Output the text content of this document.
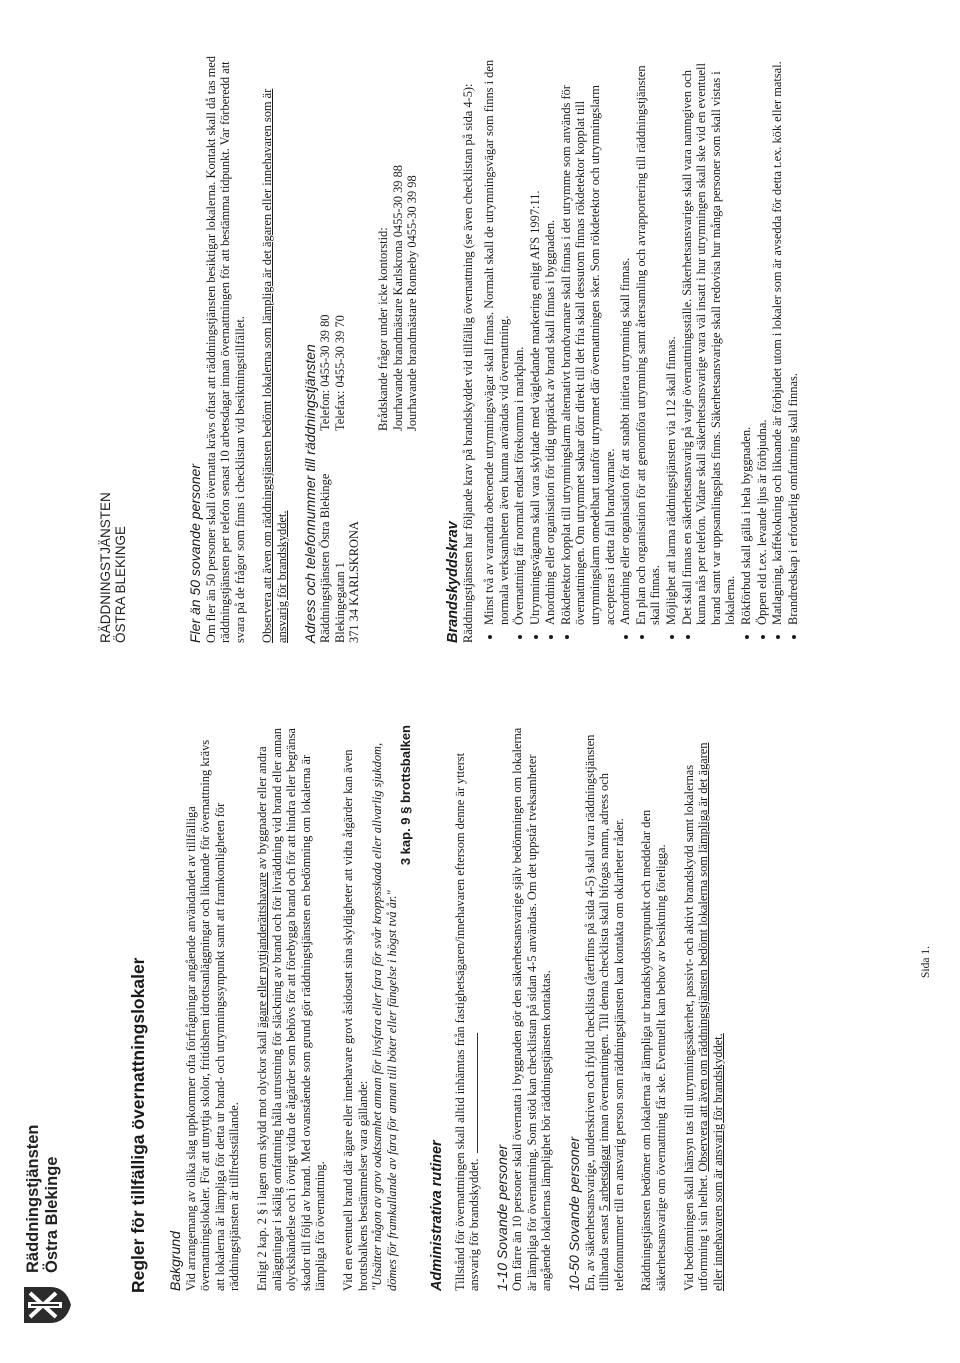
Räddningstjänsten Östra Blekinge
RÄDDNINGSTJÄNSTEN ÖSTRA BLEKINGE
Regler för tillfälliga övernattningslokaler Bakgrund Vid arrangemang av olika slag uppkommer ofta förfrågningar angående användandet av tillfälliga övernattningslokaler. För att utnyttja skolor, fritidshem idrottsanläggningar och liknande för övernattning krävs att lokalerna är lämpliga för detta ur brand- och utrymningssynpunkt samt att framkomligheten för räddningstjänsten är tillfredsställande. Enligt 2 kap. 2 § i lagen om skydd mot olyckor skall ägare eller nyttjanderättshavare av byggnader eller andra anläggningar i skälig omfattning hålla utrustning för släckning av brand och för livräddning vid brand eller annan olyckshändelse och i övrigt vidta de åtgärder som behövs för att förebygga brand och för att hindra eller begränsa skador till följd av brand. Med ovanstående som grund gör räddningstjänsten en bedömning om lokalerna är lämpliga för övernattning. Vid en eventuell brand där ägare eller innehavare grovt åsidosatt sina skyldigheter att vidta åtgärder kan även brottsbalkens bestämmelser vara gällande: "Utsätter någon av grov oaktsamhet annan för livsfara eller fara för svår kroppsskada eller allvarlig sjukdom, dömes för framkallande av fara för annan till böter eller fängelse i högst två år."

3 kap. 9 § brottsbalken
Administrativa rutiner Tillstånd för övernattningen skall alltid inhämtas från fastighetsägaren/innehavaren eftersom denne är ytterst ansvarig för brandskyddet. 1-10 Sovande personer Om färre än 10 personer skall övernatta i byggnaden gör den säkerhetsansvarige själv bedömningen om lokalerna är lämpliga för övernattning. Som stöd kan checklistan på sidan 4-5 användas. Om det uppstår tveksamheter angående lokalernas lämplighet bör räddningstjänsten kontaktas. 10-50 Sovande personer En, av säkerhetsansvarige, underskriven och ifylld checklista (återfinns på sida 4-5) skall vara räddningstjänsten tillhanda senast 5 arbetsdagar innan övernattningen. Till denna checklista skall bifogas namn, adress och telefonnummer till en ansvarig person som räddningstjänsten kan kontakta om oklarheter råder. Räddningstjänsten bedömer om lokalerna är lämpliga ur brandskyddssynpunkt och meddelar den säkerhetsansvarige om övernattning får ske. Eventuellt kan behov av besiktning föreligga. Vid bedömningen skall hänsyn tas till utrymningssäkerhet, passivt- och aktivt brandskydd samt lokalernas utformning i sin helhet. Observera att även om räddningstjänsten bedömt lokalerna som lämpliga är det ägaren eller innehavaren som är ansvarig för brandskyddet.

Sida 1.
Fler än 50 sovande personer Om fler än 50 personer skall övernatta krävs oftast att räddningstjänsten besiktigar lokalerna. Kontakt skall då tas med räddningstjänsten per telefon senast 10 arbetsdagar innan övernattningen för att bestämma tidpunkt. Var förberedd att svara på de frågor som finns i checklistan vid besiktningstillfället. Observera att även om räddningstjänsten bedömt lokalerna som lämpliga är det ägaren eller innehavaren som är ansvarig för brandskyddet. Adress och telefonnummer till räddningstjänsten Räddningstjänsten Östra Blekinge
Telefon: 0455-30 39 80
Blekingegatan 1
Telefax: 0455-30 39 70
371 34 KARLSKRONA
Brådskande frågor under icke kontorstid: Jourhavande brandmästare Karlskrona 0455-30 39 88 Jourhavande brandmästare Ronneby 0455-30 39 98
Brandskyddskrav Räddningstjänsten har följande krav på brandskyddet vid tillfällig övernattning (se även checklistan på sida 4-5): • Minst två av varandra oberoende utrymningsvägar skall finnas. Normalt skall de utrymningsvägar som finns i den normala verksamheten även kunna användas vid övernattning. • Övernattning får normalt endast förekomma i markplan. • Utrymningsvägarna skall vara skyltade med vägledande markering enligt AFS 1997:11. • Anordning eller organisation för tidig upptäckt av brand skall finnas i byggnaden. • Rökdetektor kopplat till utrymningslarm alternativt brandvarnare skall finnas i det utrymme som används för övernattningen. Om utrymmet saknar dörr direkt till det fria skall dessutom finnas rökdetektor kopplat till utrymningslarm omedelbart utanför utrymmet där övernattningen sker. Som rökdetektor och utrymningslarm accepteras i detta fall brandvarnare. • Anordning eller organisation för att snabbt initiera utrymning skall finnas. • En plan och organisation för att genomföra utrymning samt återsamling och avrapportering till räddningstjänsten skall finnas. • Möjlighet att larma räddningstjänsten via 112 skall finnas. • Det skall finnas en säkerhetsansvarig på varje övernattningsställe. Säkerhetsansvarige skall vara namngiven och kunna nås per telefon. Vidare skall säkerhetsansvarige vara väl insatt i hur utrymningen skall ske vid en eventuell brand samt var uppsamlingsplats finns. Säkerhetsansvarige skall redovisa hur många personer som skall vistas i lokalerna. • Rökförbud skall gälla i hela byggnaden. • Öppen eld t.ex. levande ljus är förbjudna. • Matlagning, kaffekokning och liknande är förbjudet utom i lokaler som är avsedda för detta t.ex. kök eller matsal. • Brandredskap i erforderlig omfattning skall finnas.
